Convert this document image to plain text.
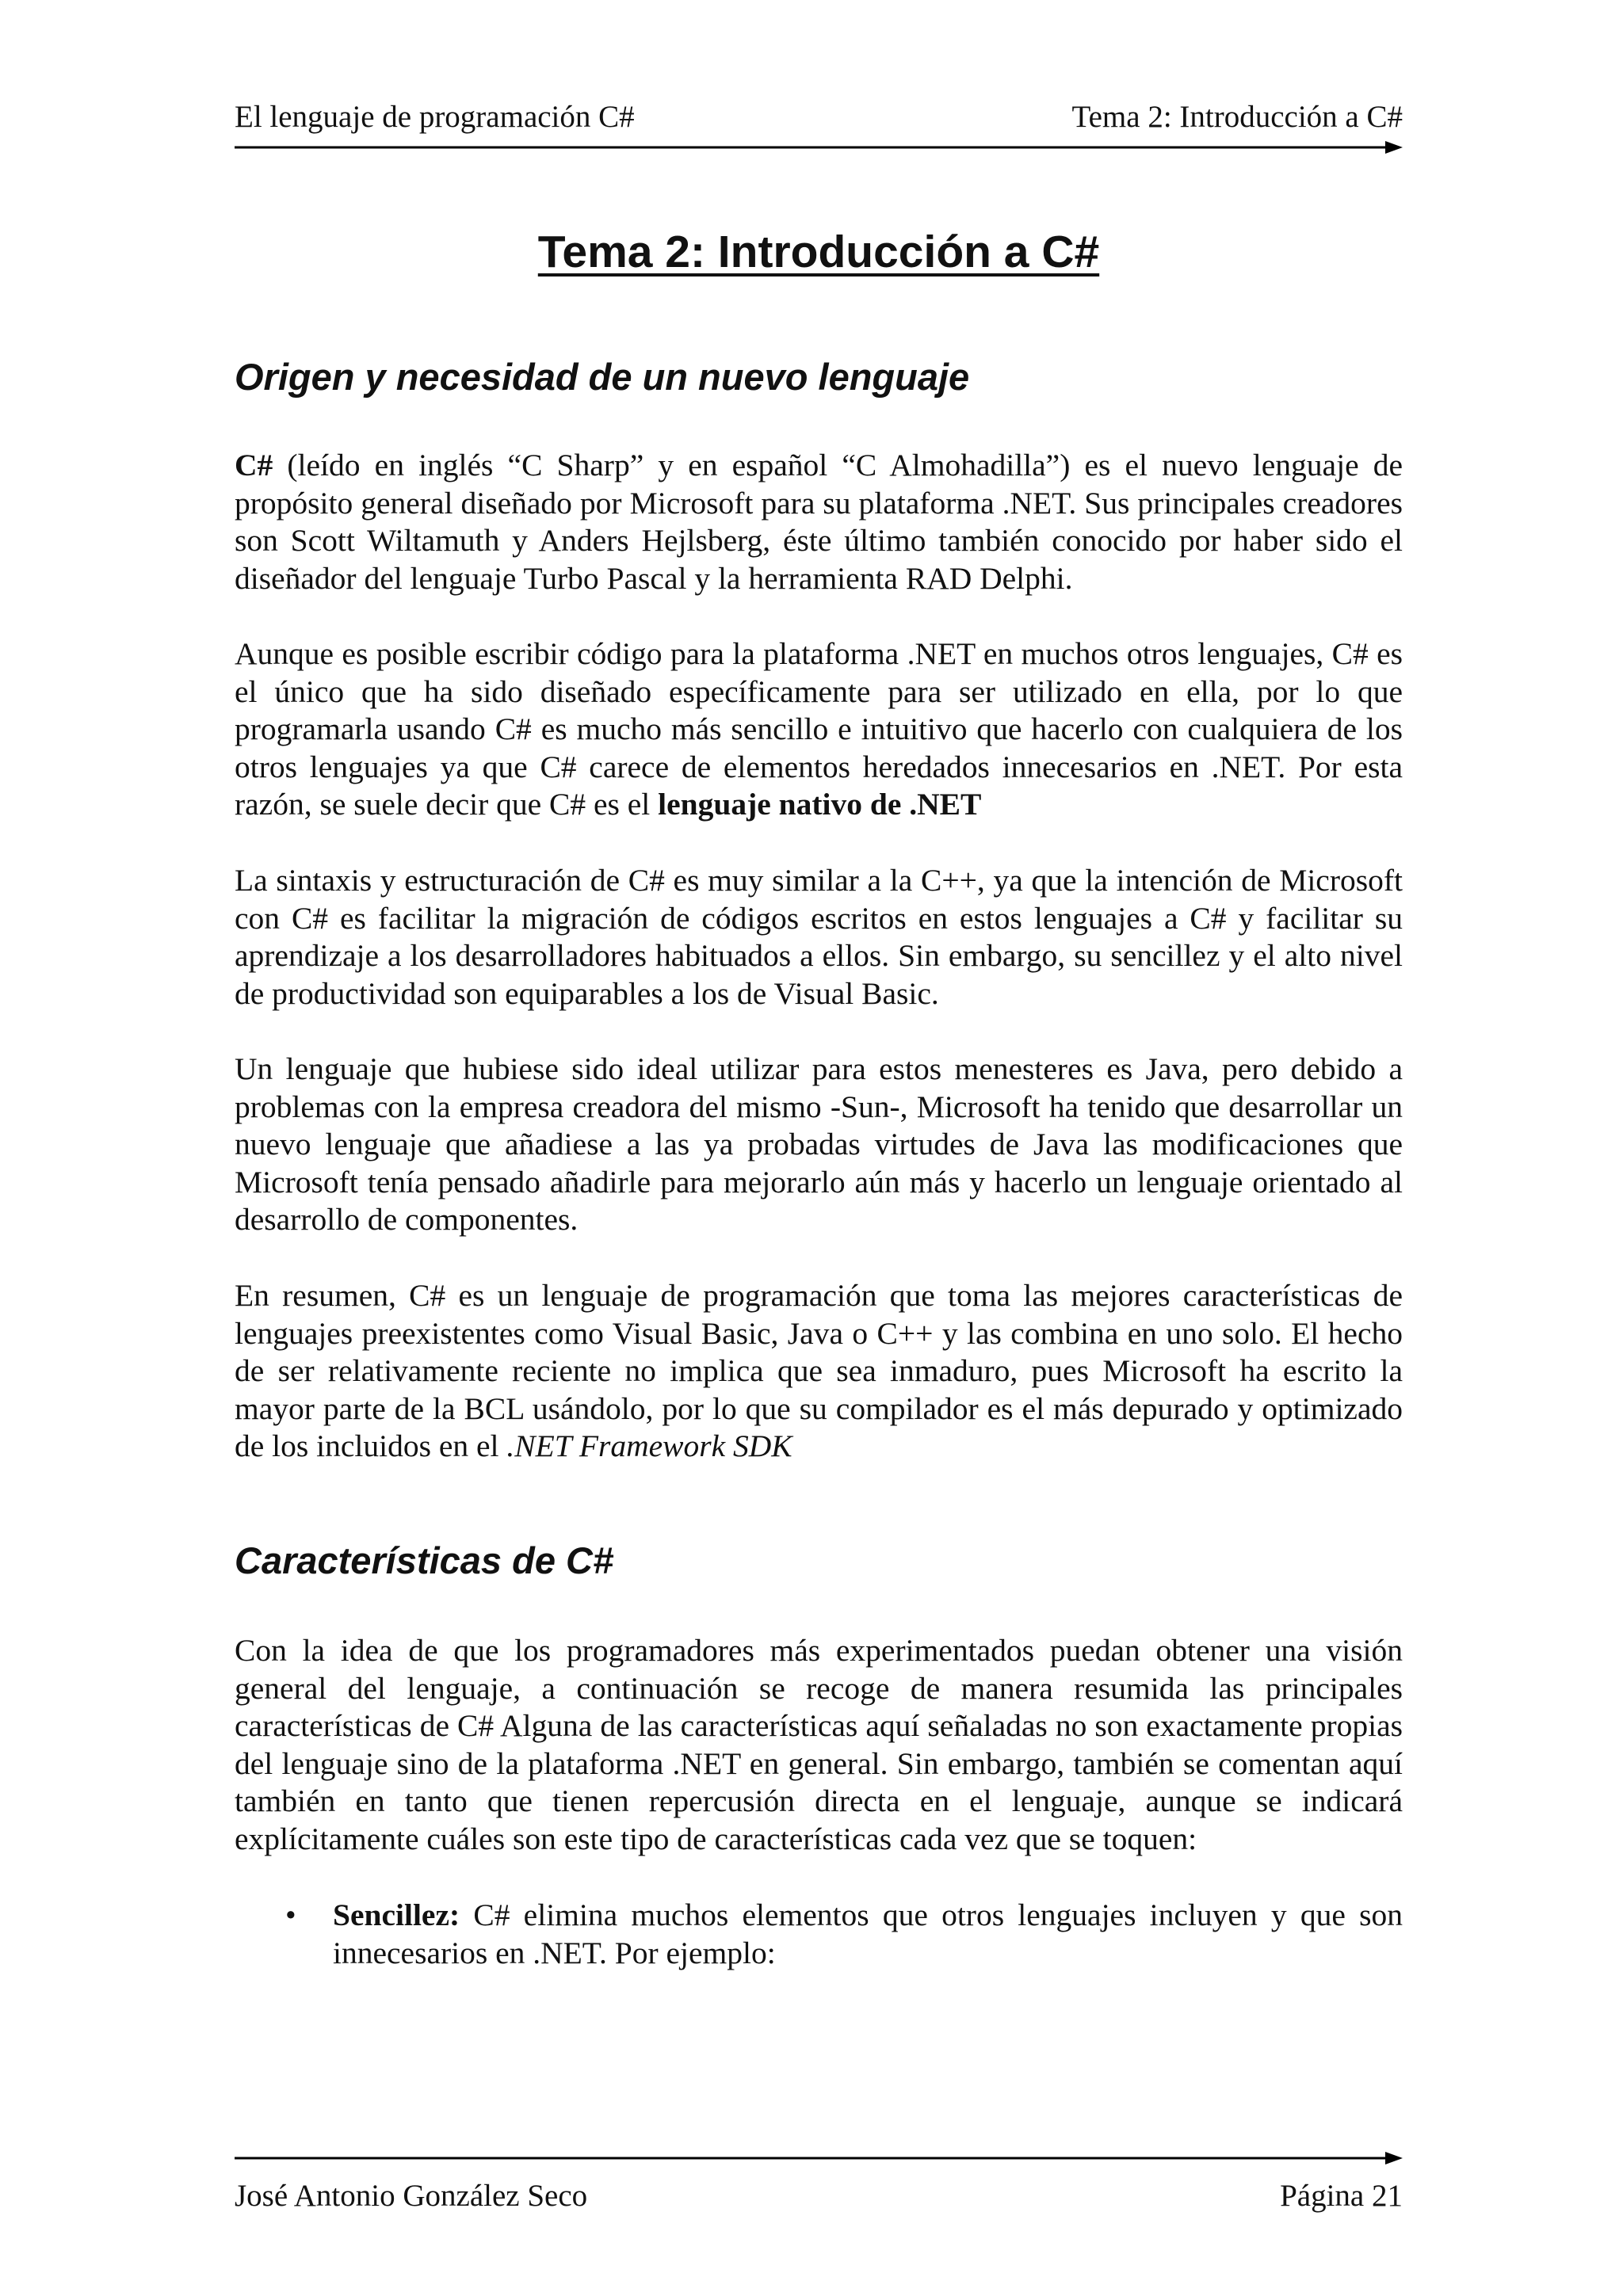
El lenguaje de programación C#	Tema 2: Introducción a C#
Tema 2: Introducción a C#
Origen y necesidad de un nuevo lenguaje

C# (leído en inglés “C Sharp” y en español “C Almohadilla”) es el nuevo lenguaje de propósito general diseñado por Microsoft para su plataforma .NET. Sus principales creadores son Scott Wiltamuth y Anders Hejlsberg, éste último también conocido por haber sido el diseñador del lenguaje Turbo Pascal y la herramienta RAD Delphi.

Aunque es posible escribir código para la plataforma .NET en muchos otros lenguajes, C# es el único que ha sido diseñado específicamente para ser utilizado en ella, por lo que programarla usando C# es mucho más sencillo e intuitivo que hacerlo con cualquiera de los otros lenguajes ya que C# carece de elementos heredados innecesarios en .NET. Por esta razón, se suele decir que C# es el lenguaje nativo de .NET

La sintaxis y estructuración de C# es muy similar a la C++, ya que la intención de Microsoft con C# es facilitar la migración de códigos escritos en estos lenguajes a C# y facilitar su aprendizaje a los desarrolladores habituados a ellos. Sin embargo, su sencillez y el alto nivel de productividad son equiparables a los de Visual Basic.

Un lenguaje que hubiese sido ideal utilizar para estos menesteres es Java, pero debido a problemas con la empresa creadora del mismo -Sun-, Microsoft ha tenido que desarrollar un nuevo lenguaje que añadiese a las ya probadas virtudes de Java las modificaciones que Microsoft tenía pensado añadirle para mejorarlo aún más y hacerlo un lenguaje orientado al desarrollo de componentes.

En resumen, C# es un lenguaje de programación que toma las mejores características de lenguajes preexistentes como Visual Basic, Java o C++ y las combina en uno solo. El hecho de ser relativamente reciente no implica que sea inmaduro, pues Microsoft ha escrito la mayor parte de la BCL usándolo, por lo que su compilador es el más depurado y optimizado de los incluidos en el .NET Framework SDK

Características de C#

Con la idea de que los programadores más experimentados puedan obtener una visión general del lenguaje, a continuación se recoge de manera resumida las principales características de C# Alguna de las características aquí señaladas no son exactamente propias del lenguaje sino de la plataforma .NET en general. Sin embargo, también se comentan aquí también en tanto que tienen repercusión directa en el lenguaje, aunque se indicará explícitamente cuáles son este tipo de características cada vez que se toquen:

•	Sencillez: C# elimina muchos elementos que otros lenguajes incluyen y que son innecesarios en .NET. Por ejemplo:

José Antonio González Seco	Página 21
